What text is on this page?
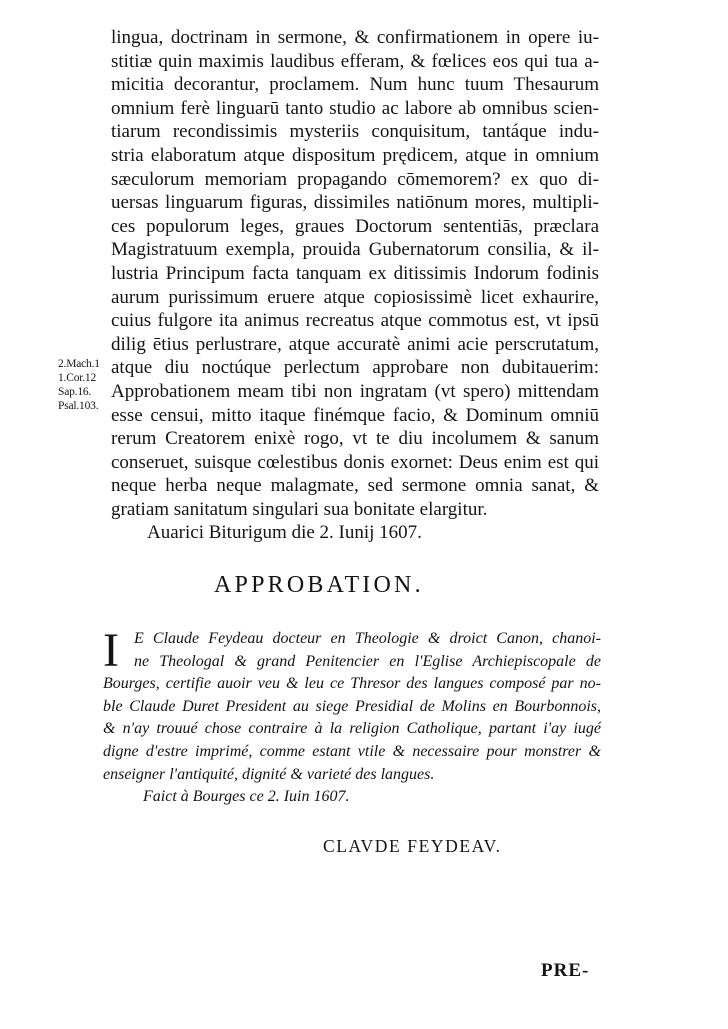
lingua, doctrinam in sermone, & confirmationem in opere iu-
stitiæ quin maximis laudibus efferam, & fœlices eos qui tua a-
micitia decorantur, proclamem. Num hunc tuum Thesaurum
omnium ferè linguarū tanto studio ac labore ab omnibus scien-
tiarum recondissimis mysteriis conquisitum, tantáque indu-
stria elaboratum atque dispositum prędicem, atque in omnium
sæculorum memoriam propagando cōmemorem? ex quo di-
uersas linguarum figuras, dissimiles natiōnum mores, multipli-
ces populorum leges, graues Doctorum sententiās, præclara
Magistratuum exempla, prouida Gubernatorum consilia, & il-
lustria Principum facta tanquam ex ditissimis Indorum fodinis
aurum purissimum eruere atque copiosissimè licet exhaurire,
cuius fulgore ita animus recreatus atque commotus est, vt ipsū
dilig ētius perlustrare, atque accuratè animi acie perscrutatum,
atque diu noctúque perlectum approbare non dubitauerim:
Approbationem meam tibi non ingratam (vt spero) mittendam
esse censui, mitto itaque finémque facio, & Dominum omniū
rerum Creatorem enixè rogo, vt te diu incolumem & sanum
conseruet, suisque cœlestibus donis exornet: Deus enim est qui
neque herba neque malagmate, sed sermone omnia sanat, &
gratiam sanitatum singulari sua bonitate elargitur.
Auarici Biturigum die 2. Iunij 1607.
2.Mach.1
1.Cor.12
Sap.16.
Psal.103.
APPROBATION.
I E Claude Feydeau docteur en Theologie & droict Canon, chanoi-
ne Theologal & grand Penitencier en l'Eglise Archiepiscopale de
Bourges, certifie auoir veu & leu ce Thresor des langues composé par no-
ble Claude Duret President au siege Presidial de Molins en Bourbonnois,
& n'ay trouué chose contraire à la religion Catholique, partant i'ay iugé
digne d'estre imprimé, comme estant vtile & necessaire pour monstrer &
enseigner l'antiquité, dignité & varieté des langues.
Faict à Bourges ce 2. Iuin 1607.
CLAVDE FEYDEAV.
PRE-
